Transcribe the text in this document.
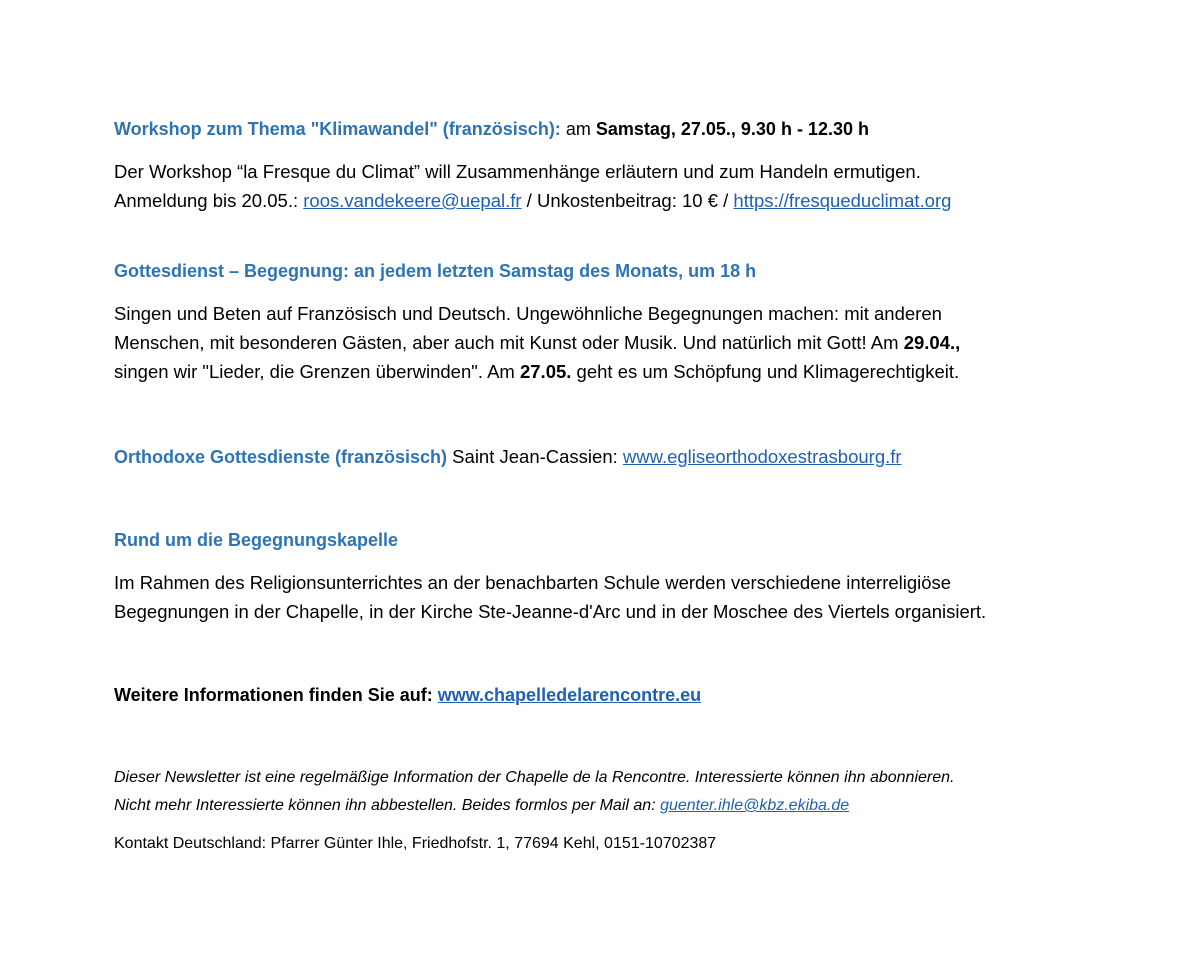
Workshop zum Thema "Klimawandel" (französisch): am Samstag, 27.05., 9.30 h - 12.30 h
Der Workshop “la Fresque du Climat” will Zusammenhänge erläutern und zum Handeln ermutigen.
Anmeldung bis 20.05.: roos.vandekeere@uepal.fr / Unkostenbeitrag: 10 € / https://fresqueduclimat.org
Gottesdienst – Begegnung: an jedem letzten Samstag des Monats, um 18 h
Singen und Beten auf Französisch und Deutsch. Ungewöhnliche Begegnungen machen: mit anderen
Menschen, mit besonderen Gästen, aber auch mit Kunst oder Musik. Und natürlich mit Gott! Am 29.04.,
singen wir "Lieder, die Grenzen überwinden". Am 27.05. geht es um Schöpfung und Klimagerechtigkeit.
Orthodoxe Gottesdienste (französisch) Saint Jean-Cassien: www.egliseorthodoxestrasbourg.fr
Rund um die Begegnungskapelle
Im Rahmen des Religionsunterrichtes an der benachbarten Schule werden verschiedene interreligiöse
Begegnungen in der Chapelle, in der Kirche Ste-Jeanne-d'Arc und in der Moschee des Viertels organisiert.
Weitere Informationen finden Sie auf: www.chapelledelarencontre.eu
Dieser Newsletter ist eine regelmäßige Information der Chapelle de la Rencontre. Interessierte können ihn abonnieren.
Nicht mehr Interessierte können ihn abbestellen. Beides formlos per Mail an: guenter.ihle@kbz.ekiba.de
Kontakt Deutschland: Pfarrer Günter Ihle, Friedhofstr. 1, 77694 Kehl, 0151-10702387
